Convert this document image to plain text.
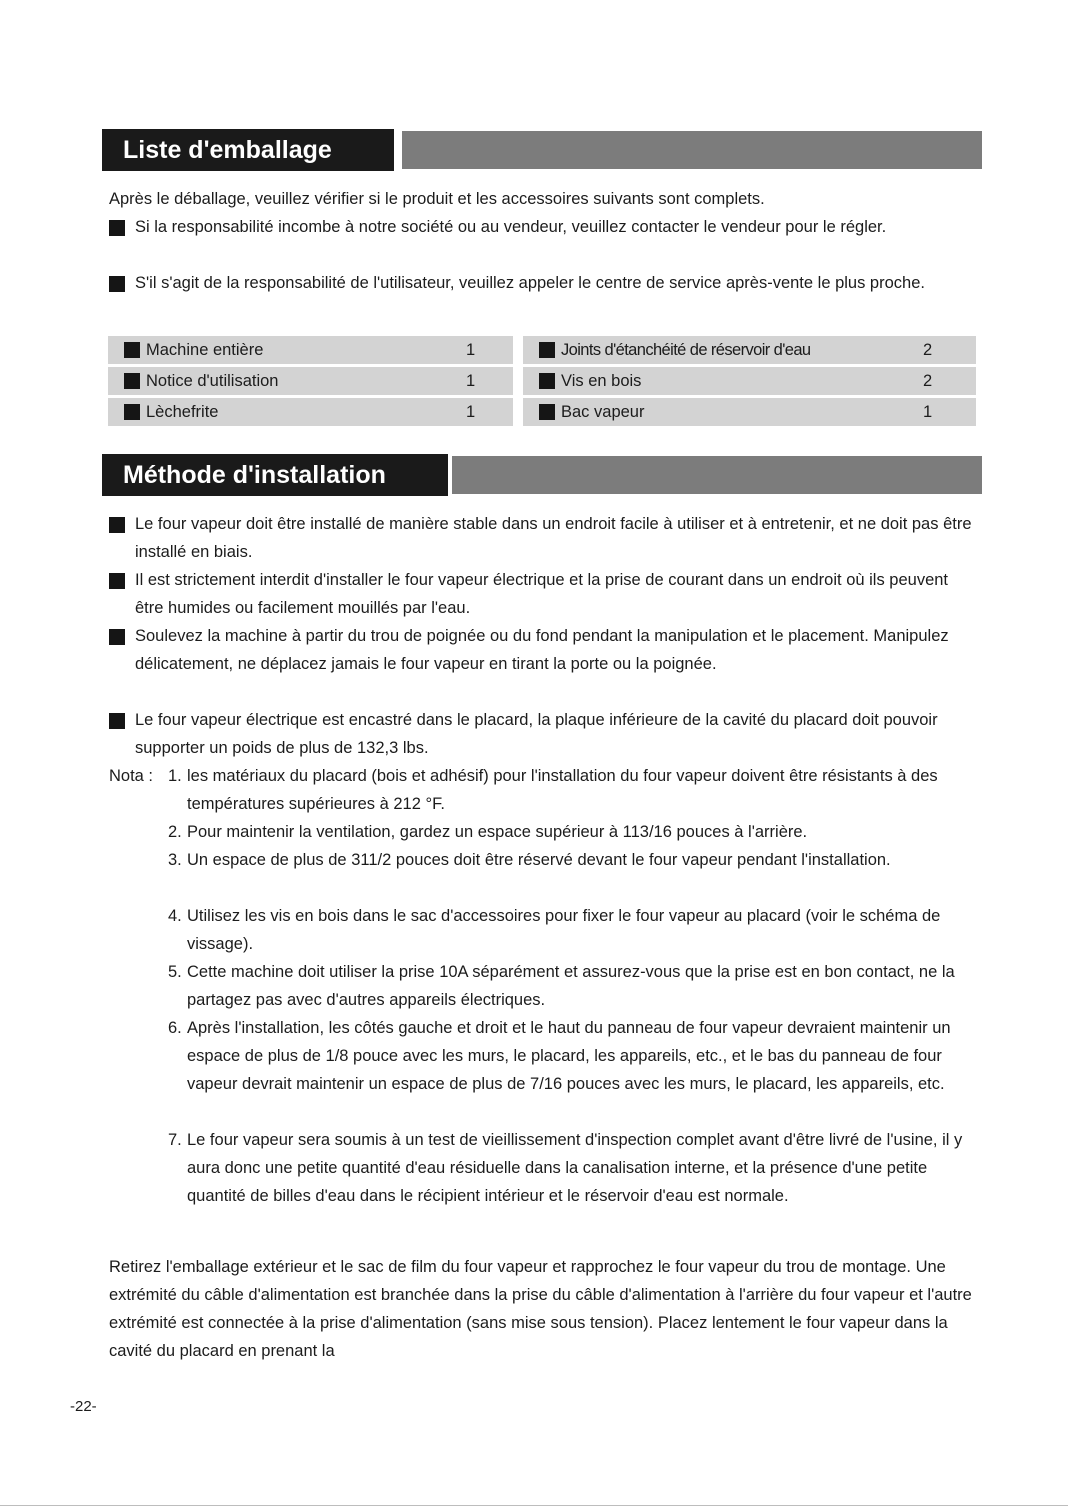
Liste d'emballage

Après le déballage, veuillez vérifier si le produit et les accessoires suivants sont complets.

Si la responsabilité incombe à notre société ou au vendeur, veuillez contacter le vendeur pour le régler.
S'il s'agit de la responsabilité de l'utilisateur, veuillez appeler le centre de service après-vente le plus proche.
Machine entière	1
Notice d'utilisation	1
Lèchefrite	1
Joints d'étanchéité de réservoir d'eau	2
Vis en bois	2
Bac vapeur	1
Méthode d'installation
Le four vapeur doit être installé de manière stable dans un endroit facile à utiliser et à entretenir, et ne doit pas être installé en biais.
Il est strictement interdit d'installer le four vapeur électrique et la prise de courant dans un endroit où ils peuvent être humides ou facilement mouillés par l'eau.
Soulevez la machine à partir du trou de poignée ou du fond pendant la manipulation et le placement. Manipulez délicatement, ne déplacez jamais le four vapeur en tirant la porte ou la poignée.
Le four vapeur électrique est encastré dans le placard, la plaque inférieure de la cavité du placard doit pouvoir supporter un poids de plus de 132,3 lbs.
Nota : 1. les matériaux du placard (bois et adhésif) pour l'installation du four vapeur doivent être résistants à des températures supérieures à 212 °F.
2. Pour maintenir la ventilation, gardez un espace supérieur à 113/16 pouces à l'arrière.
3. Un espace de plus de 311/2 pouces doit être réservé devant le four vapeur pendant l'installation.
4. Utilisez les vis en bois dans le sac d'accessoires pour fixer le four vapeur au placard (voir le schéma de vissage).
5. Cette machine doit utiliser la prise 10A séparément et assurez-vous que la prise est en bon contact, ne la partagez pas avec d'autres appareils électriques.
6. Après l'installation, les côtés gauche et droit et le haut du panneau de four vapeur devraient maintenir un espace de plus de 1/8 pouce avec les murs, le placard, les appareils, etc., et le bas du panneau de four vapeur devrait maintenir un espace de plus de 7/16 pouces avec les murs, le placard, les appareils, etc.
7. Le four vapeur sera soumis à un test de vieillissement d'inspection complet avant d'être livré de l'usine, il y aura donc une petite quantité d'eau résiduelle dans la canalisation interne, et la présence d'une petite quantité de billes d'eau dans le récipient intérieur et le réservoir d'eau est normale.

Retirez l'emballage extérieur et le sac de film du four vapeur et rapprochez le four vapeur du trou de montage. Une extrémité du câble d'alimentation est branchée dans la prise du câble d'alimentation à l'arrière du four vapeur et l'autre extrémité est connectée à la prise d'alimentation (sans mise sous tension). Placez lentement le four vapeur dans la cavité du placard en prenant la

-22-
